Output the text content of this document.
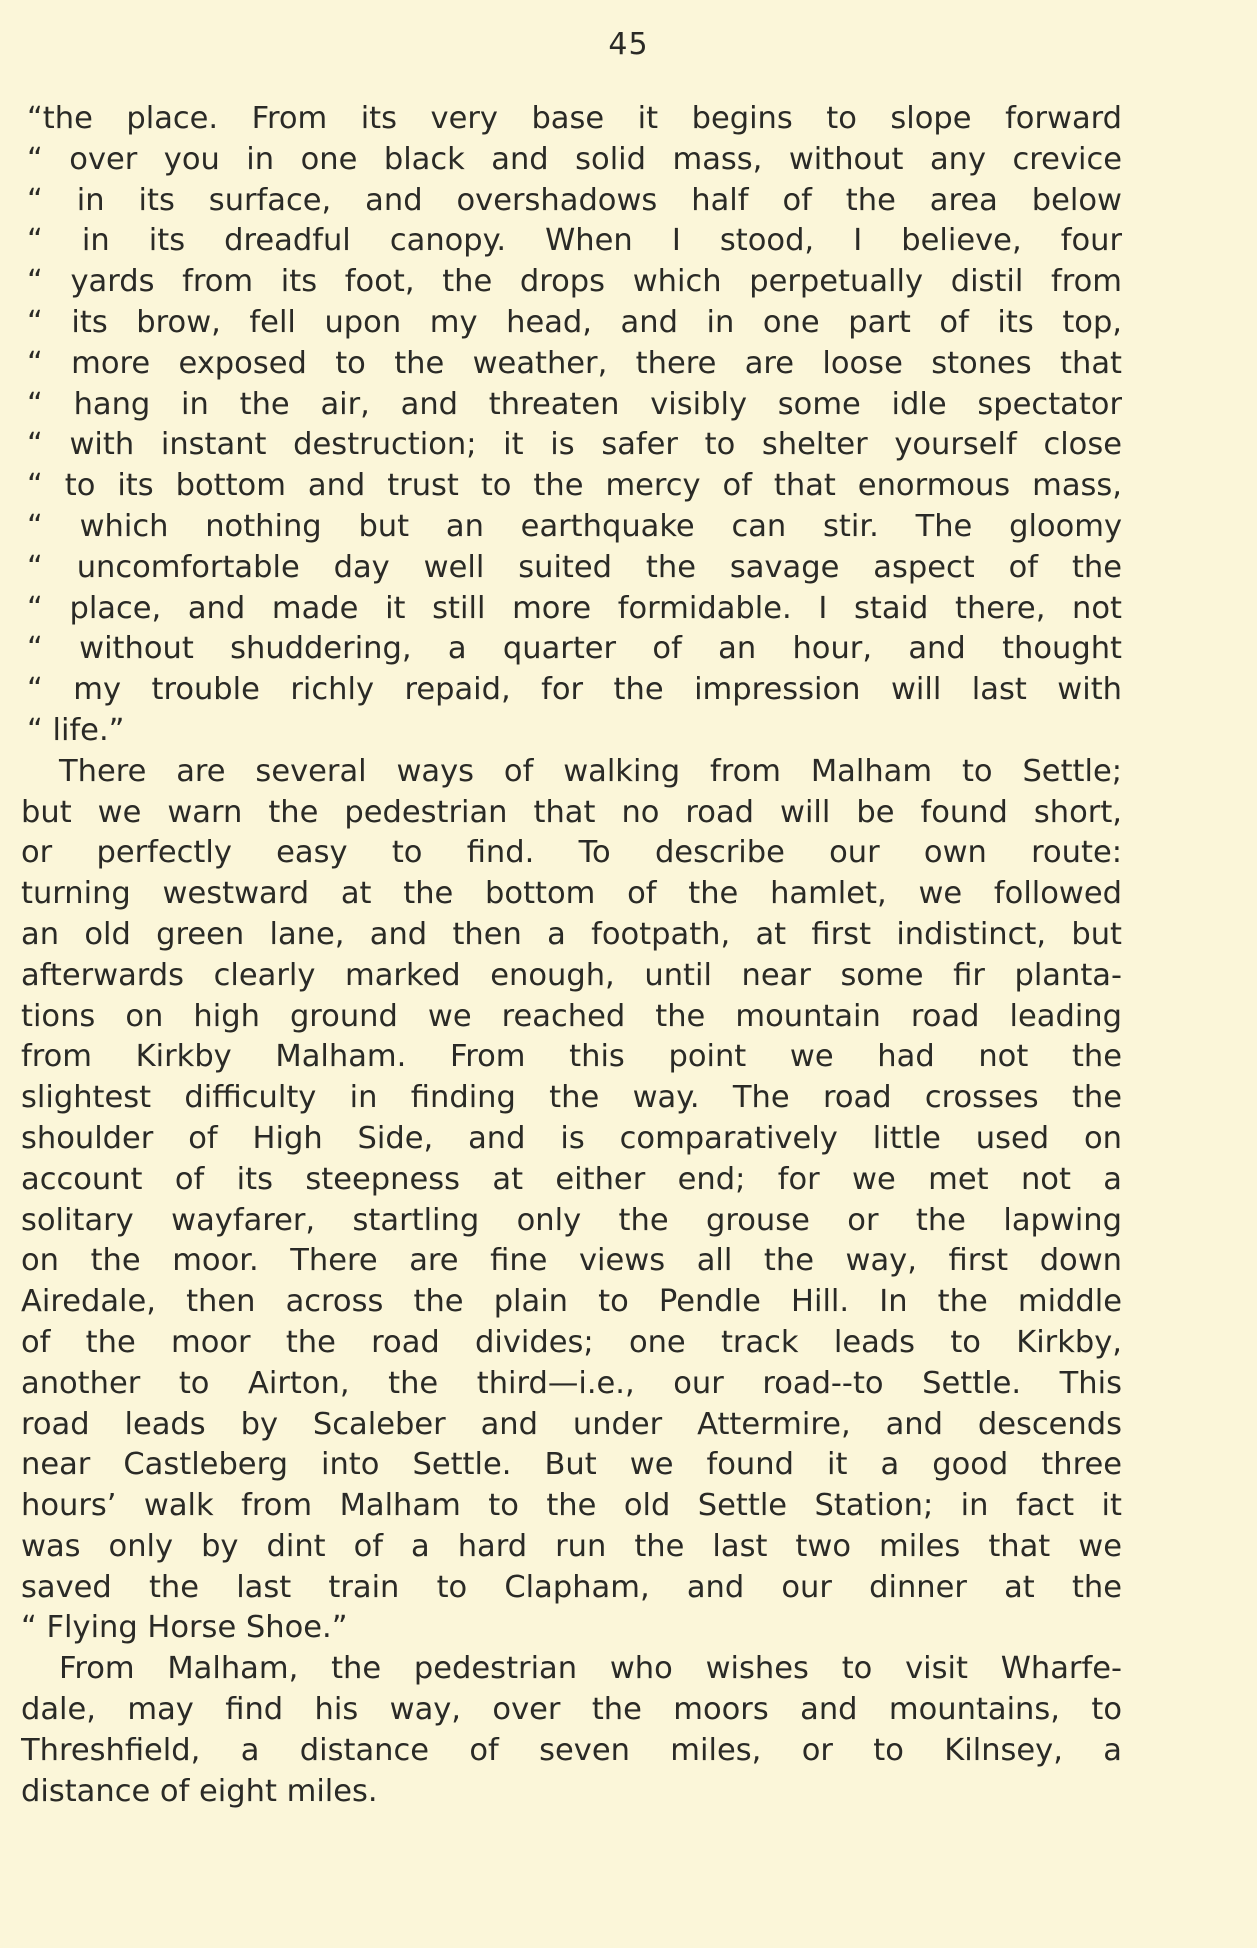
45
“the place. From its very base it begins to slope forward
“ over you in one black and solid mass, without any crevice
“ in its surface, and overshadows half of the area below
“ in its dreadful canopy. When I stood, I believe, four
“ yards from its foot, the drops which perpetually distil from
“ its brow, fell upon my head, and in one part of its top,
“ more exposed to the weather, there are loose stones that
“ hang in the air, and threaten visibly some idle spectator
“ with instant destruction; it is safer to shelter yourself close
“ to its bottom and trust to the mercy of that enormous mass,
“ which nothing but an earthquake can stir. The gloomy
“ uncomfortable day well suited the savage aspect of the
“ place, and made it still more formidable. I staid there, not
“ without shuddering, a quarter of an hour, and thought
“ my trouble richly repaid, for the impression will last with
“ life.”
There are several ways of walking from Malham to Settle;
but we warn the pedestrian that no road will be found short,
or perfectly easy to find. To describe our own route:
turning westward at the bottom of the hamlet, we followed
an old green lane, and then a footpath, at first indistinct, but
afterwards clearly marked enough, until near some fir planta-
tions on high ground we reached the mountain road leading
from Kirkby Malham. From this point we had not the
slightest difficulty in finding the way. The road crosses the
shoulder of High Side, and is comparatively little used on
account of its steepness at either end; for we met not a
solitary wayfarer, startling only the grouse or the lapwing
on the moor. There are fine views all the way, first down
Airedale, then across the plain to Pendle Hill. In the middle
of the moor the road divides; one track leads to Kirkby,
another to Airton, the third—i.e., our road--to Settle. This
road leads by Scaleber and under Attermire, and descends
near Castleberg into Settle. But we found it a good three
hours’ walk from Malham to the old Settle Station; in fact it
was only by dint of a hard run the last two miles that we
saved the last train to Clapham, and our dinner at the
“ Flying Horse Shoe.”
From Malham, the pedestrian who wishes to visit Wharfe-
dale, may find his way, over the moors and mountains, to
Threshfield, a distance of seven miles, or to Kilnsey, a
distance of eight miles.
